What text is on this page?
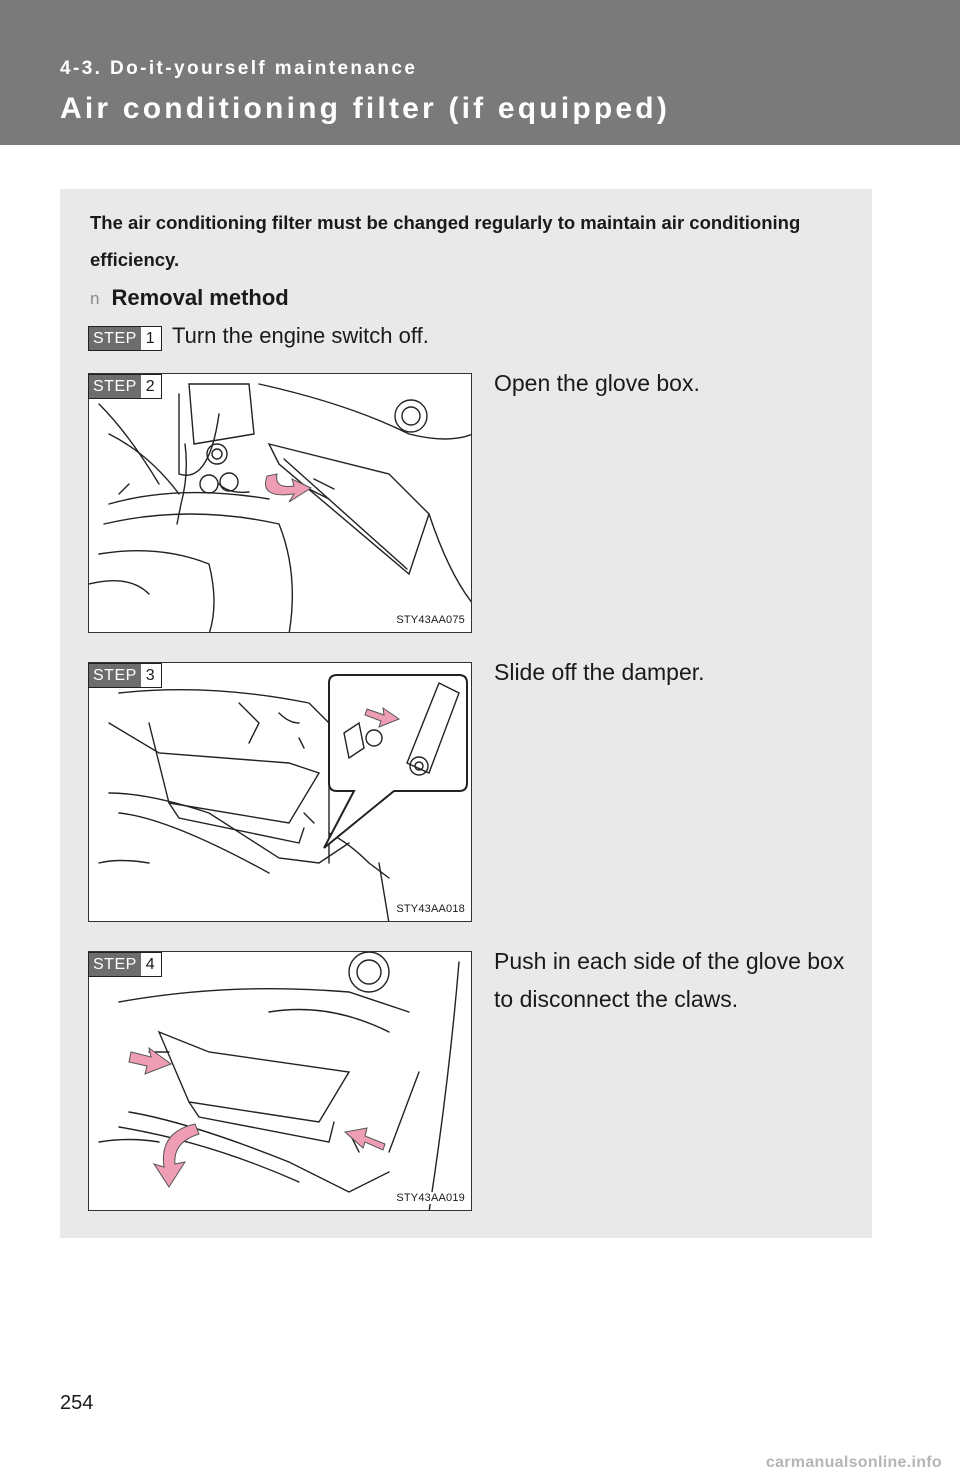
4-3. Do-it-yourself maintenance
Air conditioning filter (if equipped)
The air conditioning filter must be changed regularly to maintain air conditioning efficiency.
n Removal method
STEP 1 Turn the engine switch off.
STY43AA075
STEP 2	Open the glove box.
STY43AA018
STEP 3	Slide off the damper.
STY43AA019
STEP 4	Push in each side of the glove box to disconnect the claws.
254
carmanualsonline.info
